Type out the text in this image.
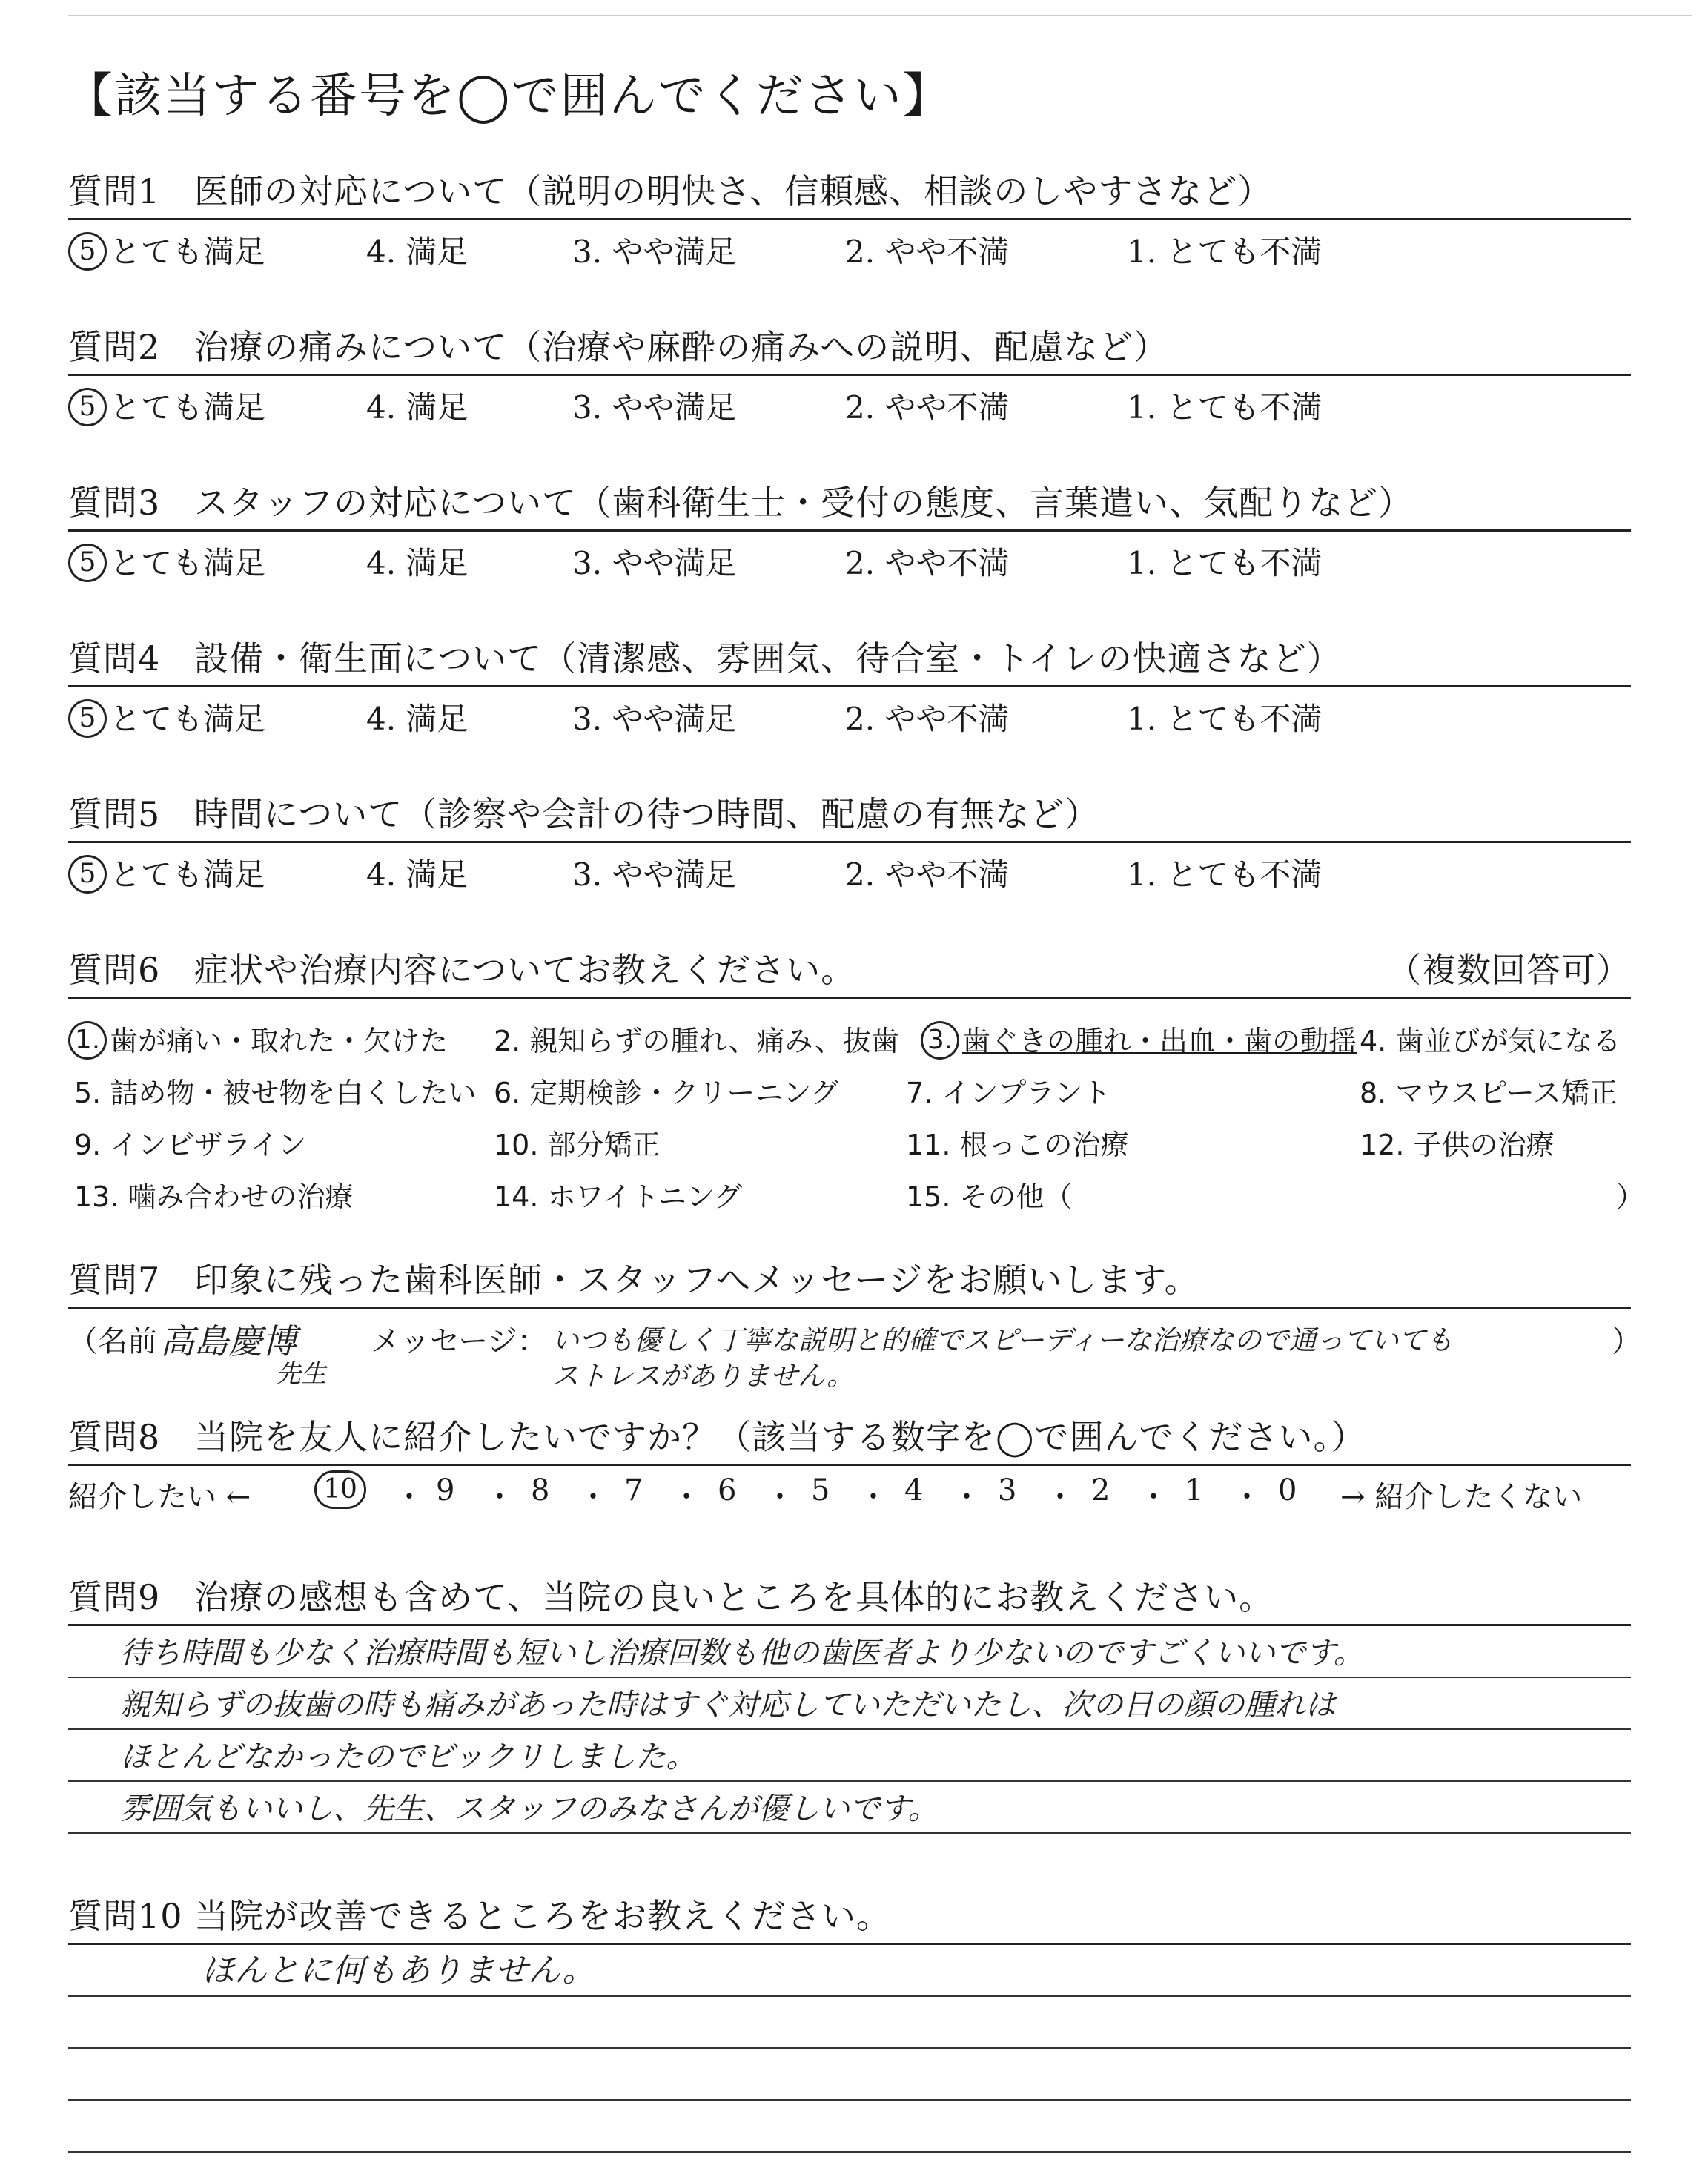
【該当する番号を◯で囲んでください】
質問1 医師の対応について（説明の明快さ、信頼感、相談のしやすさなど）
5 とても満足	4. 満足	3. やや満足	2. やや不満	1. とても不満
質問2 治療の痛みについて（治療や麻酔の痛みへの説明、配慮など）
5 とても満足	4. 満足	3. やや満足	2. やや不満	1. とても不満
質問3 スタッフの対応について（歯科衛生士・受付の態度、言葉遣い、気配りなど）
5 とても満足	4. 満足	3. やや満足	2. やや不満	1. とても不満
質問4 設備・衛生面について（清潔感、雰囲気、待合室・トイレの快適さなど）
5 とても満足	4. 満足	3. やや満足	2. やや不満	1. とても不満
質問5 時間について（診察や会計の待つ時間、配慮の有無など）
5 とても満足	4. 満足	3. やや満足	2. やや不満	1. とても不満
質問6 症状や治療内容についてお教えください。	（複数回答可）
1. 歯が痛い・取れた・欠けた 2. 親知らずの腫れ、痛み、抜歯 3. 歯ぐきの腫れ・出血・歯の動揺 4. 歯並びが気になる
5. 詰め物・被せ物を白くしたい 6. 定期検診・クリーニング 7. インプラント	8. マウスピース矯正
9. インビザライン	10. 部分矯正	11. 根っこの治療	12. 子供の治療
13. 噛み合わせの治療	14. ホワイトニング	15. その他（	）
質問7 印象に残った歯科医師・スタッフへメッセージをお願いします。
（名前 高島慶博
先生
メッセージ： いつも優しく丁寧な説明と的確でスピーディーな治療なので通っていても
ストレスがありません。
）
質問8 当院を友人に紹介したいですか？（該当する数字を◯で囲んでください。）
紹介したい ←	10	・ 9 ・ 8 ・ 7 ・ 6 ・ 5 ・ 4 ・ 3 ・ 2 ・ 1 ・ 0 → 紹介したくない
質問9 治療の感想も含めて、当院の良いところを具体的にお教えください。
待ち時間も少なく治療時間も短いし治療回数も他の歯医者より少ないのですごくいいです。
親知らずの抜歯の時も痛みがあった時はすぐ対応していただいたし、次の日の顔の腫れは
ほとんどなかったのでビックリしました。
雰囲気もいいし、先生、スタッフのみなさんが優しいです。
質問10 当院が改善できるところをお教えください。
ほんとに何もありません。
